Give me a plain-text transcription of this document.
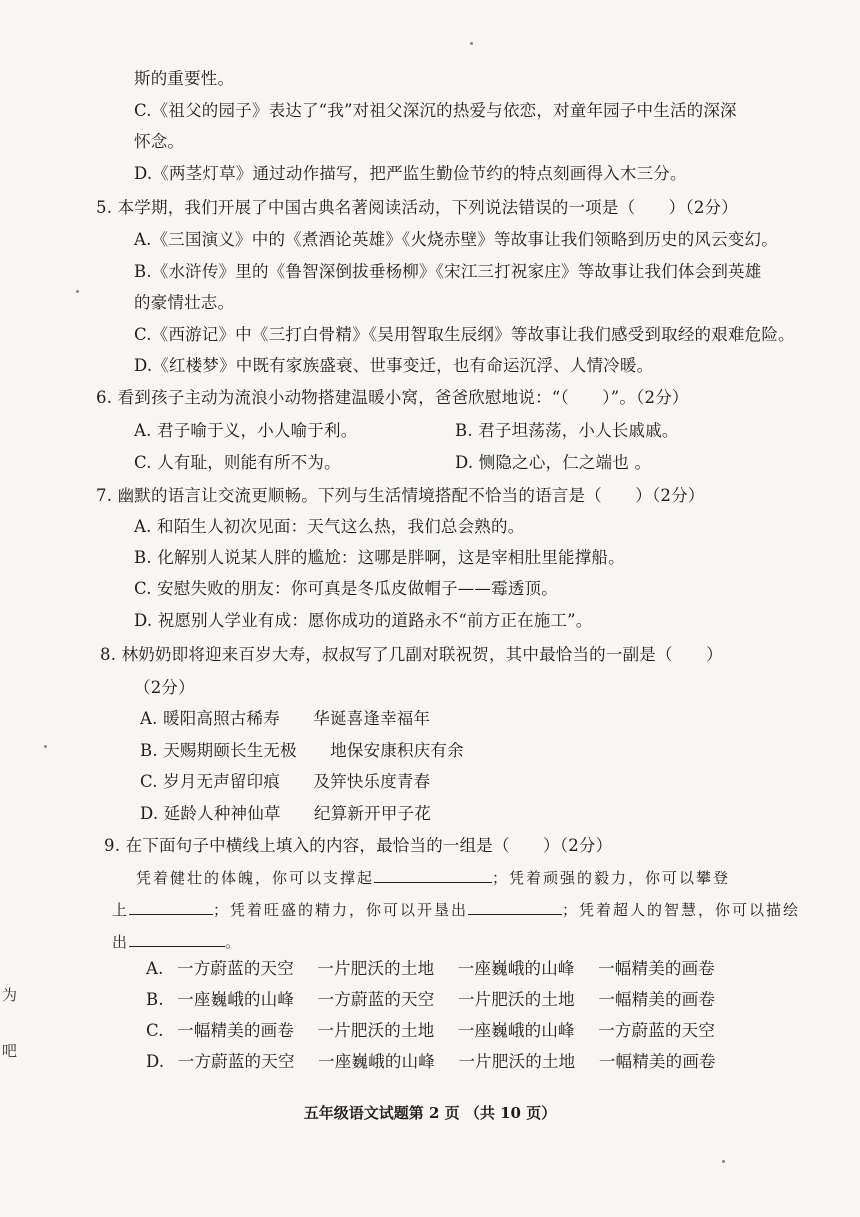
斯的重要性。
C.《祖父的园子》表达了“我”对祖父深沉的热爱与依恋，对童年园子中生活的深深
怀念。
D.《两茎灯草》通过动作描写，把严监生勤俭节约的特点刻画得入木三分。
5. 本学期，我们开展了中国古典名著阅读活动，下列说法错误的一项是（　　）（2分）
A.《三国演义》中的《煮酒论英雄》《火烧赤壁》等故事让我们领略到历史的风云变幻。
B.《水浒传》里的《鲁智深倒拔垂杨柳》《宋江三打祝家庄》等故事让我们体会到英雄
的豪情壮志。
C.《西游记》中《三打白骨精》《吴用智取生辰纲》等故事让我们感受到取经的艰难危险。
D.《红楼梦》中既有家族盛衰、世事变迁，也有命运沉浮、人情冷暖。
6. 看到孩子主动为流浪小动物搭建温暖小窝，爸爸欣慰地说：“（　　）”。（2分）
A. 君子喻于义，小人喻于利。	B. 君子坦荡荡，小人长戚戚。
C. 人有耻，则能有所不为。	D. 恻隐之心，仁之端也 。
7. 幽默的语言让交流更顺畅。下列与生活情境搭配不恰当的语言是（　　）（2分）
A. 和陌生人初次见面：天气这么热，我们总会熟的。
B. 化解别人说某人胖的尴尬：这哪是胖啊，这是宰相肚里能撑船。
C. 安慰失败的朋友：你可真是冬瓜皮做帽子——霉透顶。
D. 祝愿别人学业有成：愿你成功的道路永不“前方正在施工”。
8. 林奶奶即将迎来百岁大寿，叔叔写了几副对联祝贺，其中最恰当的一副是（　　）
（2分）
A. 暖阳高照古稀寿　　华诞喜逢幸福年
B. 天赐期颐长生无极　　地保安康积庆有余
C. 岁月无声留印痕　　及笄快乐度青春
D. 延龄人种神仙草　　纪算新开甲子花
9. 在下面句子中横线上填入的内容，最恰当的一组是（　　）（2分）
凭着健壮的体魄，你可以支撑起	；凭着顽强的毅力，你可以攀登
上	；凭着旺盛的精力，你可以开垦出	；凭着超人的智慧，你可以描绘
出	。
A. 一方蔚蓝的天空 一片肥沃的土地 一座巍峨的山峰 一幅精美的画卷
B. 一座巍峨的山峰 一方蔚蓝的天空 一片肥沃的土地 一幅精美的画卷
C. 一幅精美的画卷 一片肥沃的土地 一座巍峨的山峰 一方蔚蓝的天空
D. 一方蔚蓝的天空 一座巍峨的山峰 一片肥沃的土地 一幅精美的画卷
为
吧
五年级语文试题第 2 页 （共 10 页）
